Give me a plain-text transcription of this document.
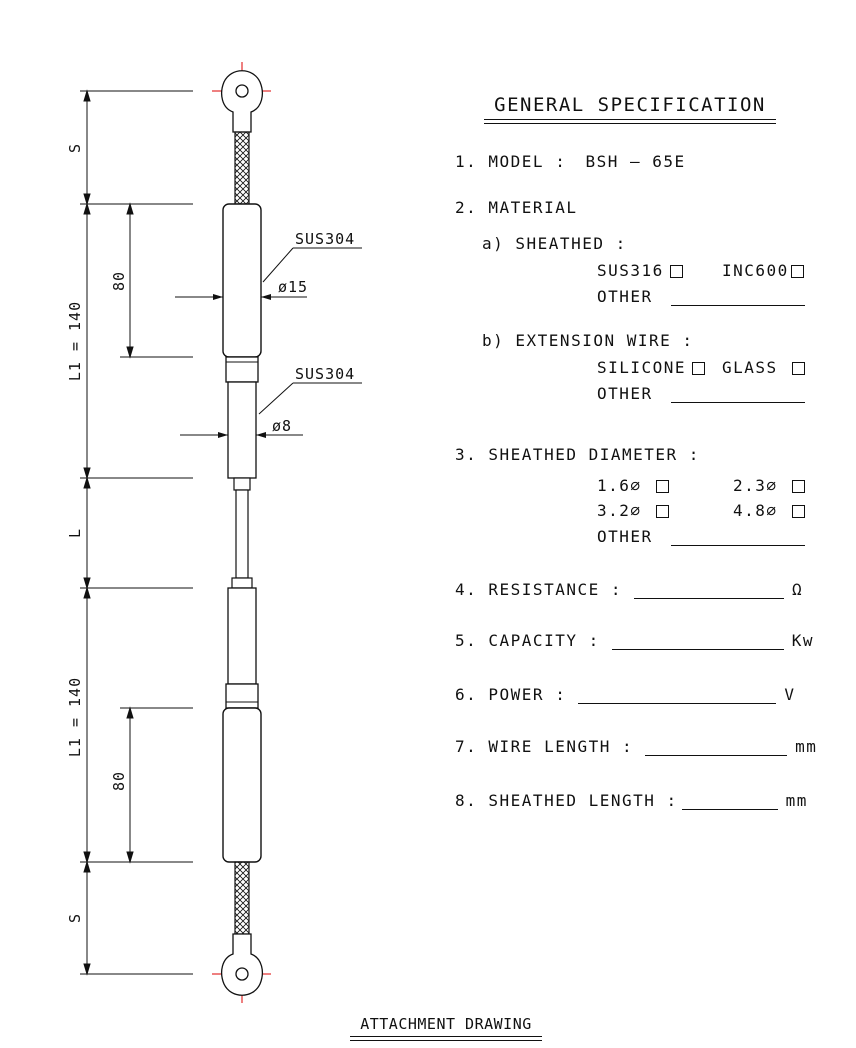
S
L1 = 140
80
L
L1 = 140
80
S
SUS304
ø15
SUS304
ø8
GENERAL SPECIFICATION
1. MODEL : BSH – 65E
2. MATERIAL
a) SHEATHED :
SUS316	INC600
OTHER
b) EXTENSION WIRE :
SILICONE	GLASS
OTHER
3. SHEATHED DIAMETER :
1.6∅	2.3∅
3.2∅	4.8∅
OTHER
4. RESISTANCE :	Ω
5. CAPACITY :	Kw
6. POWER :	V
7. WIRE LENGTH :	mm
8. SHEATHED LENGTH :	mm
ATTACHMENT DRAWING
